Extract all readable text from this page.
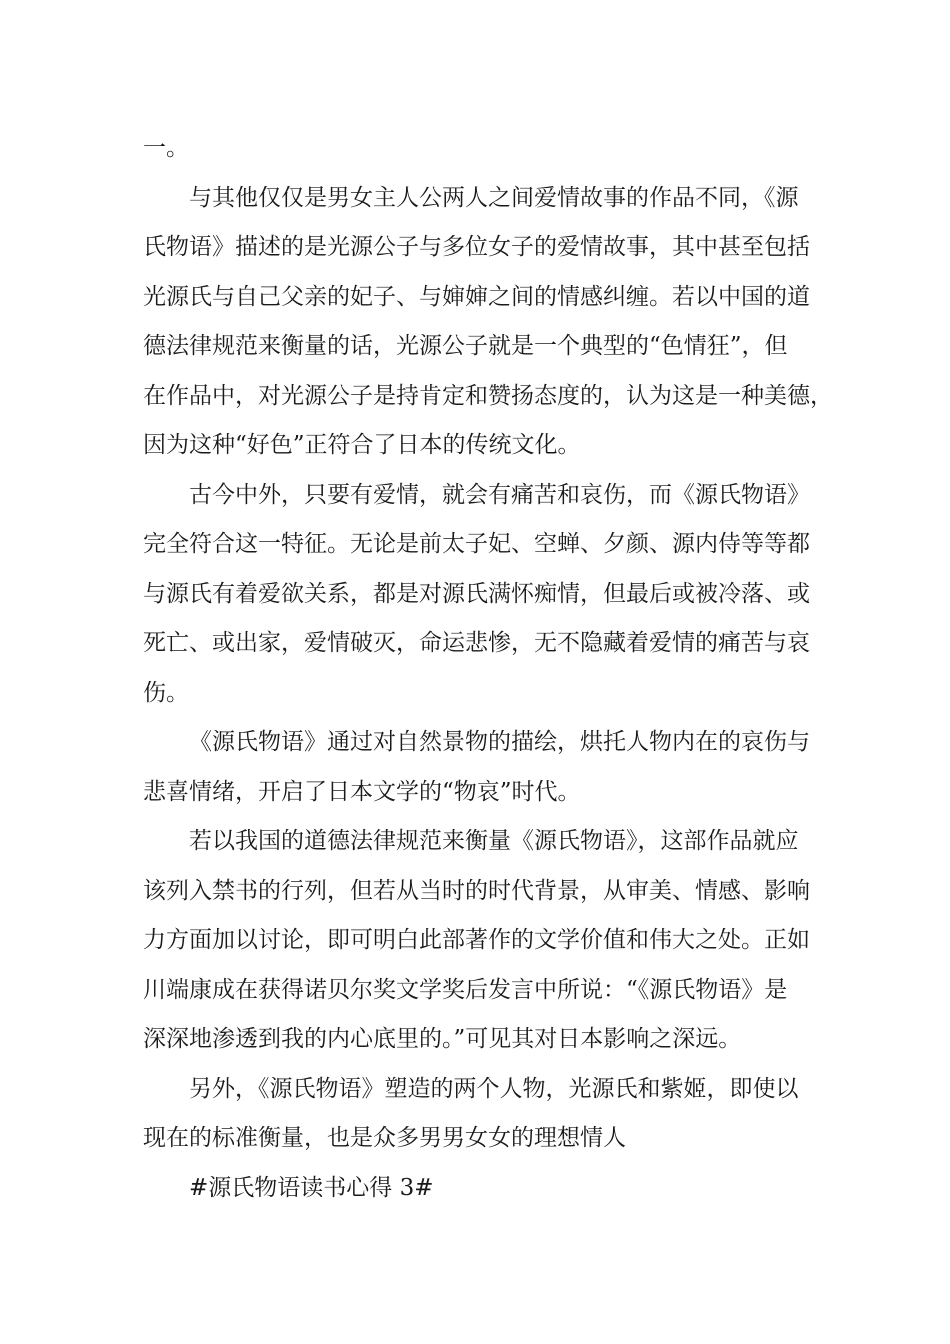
一。
与其他仅仅是男女主人公两人之间爱情故事的作品不同，《源
氏物语》描述的是光源公子与多位女子的爱情故事，其中甚至包括
光源氏与自己父亲的妃子、与婶婶之间的情感纠缠。若以中国的道
德法律规范来衡量的话，光源公子就是一个典型的“色情狂”，但
在作品中，对光源公子是持肯定和赞扬态度的，认为这是一种美德，
因为这种“好色”正符合了日本的传统文化。
古今中外，只要有爱情，就会有痛苦和哀伤，而《源氏物语》
完全符合这一特征。无论是前太子妃、空蝉、夕颜、源内侍等等都
与源氏有着爱欲关系，都是对源氏满怀痴情，但最后或被冷落、或
死亡、或出家，爱情破灭，命运悲惨，无不隐藏着爱情的痛苦与哀
伤。
《源氏物语》通过对自然景物的描绘，烘托人物内在的哀伤与
悲喜情绪，开启了日本文学的“物哀”时代。
若以我国的道德法律规范来衡量《源氏物语》，这部作品就应
该列入禁书的行列，但若从当时的时代背景，从审美、情感、影响
力方面加以讨论，即可明白此部著作的文学价值和伟大之处。正如
川端康成在获得诺贝尔奖文学奖后发言中所说：“《源氏物语》是
深深地渗透到我的内心底里的。”可见其对日本影响之深远。
另外，《源氏物语》塑造的两个人物，光源氏和紫姬，即使以
现在的标准衡量，也是众多男男女女的理想情人
#源氏物语读书心得 3#
